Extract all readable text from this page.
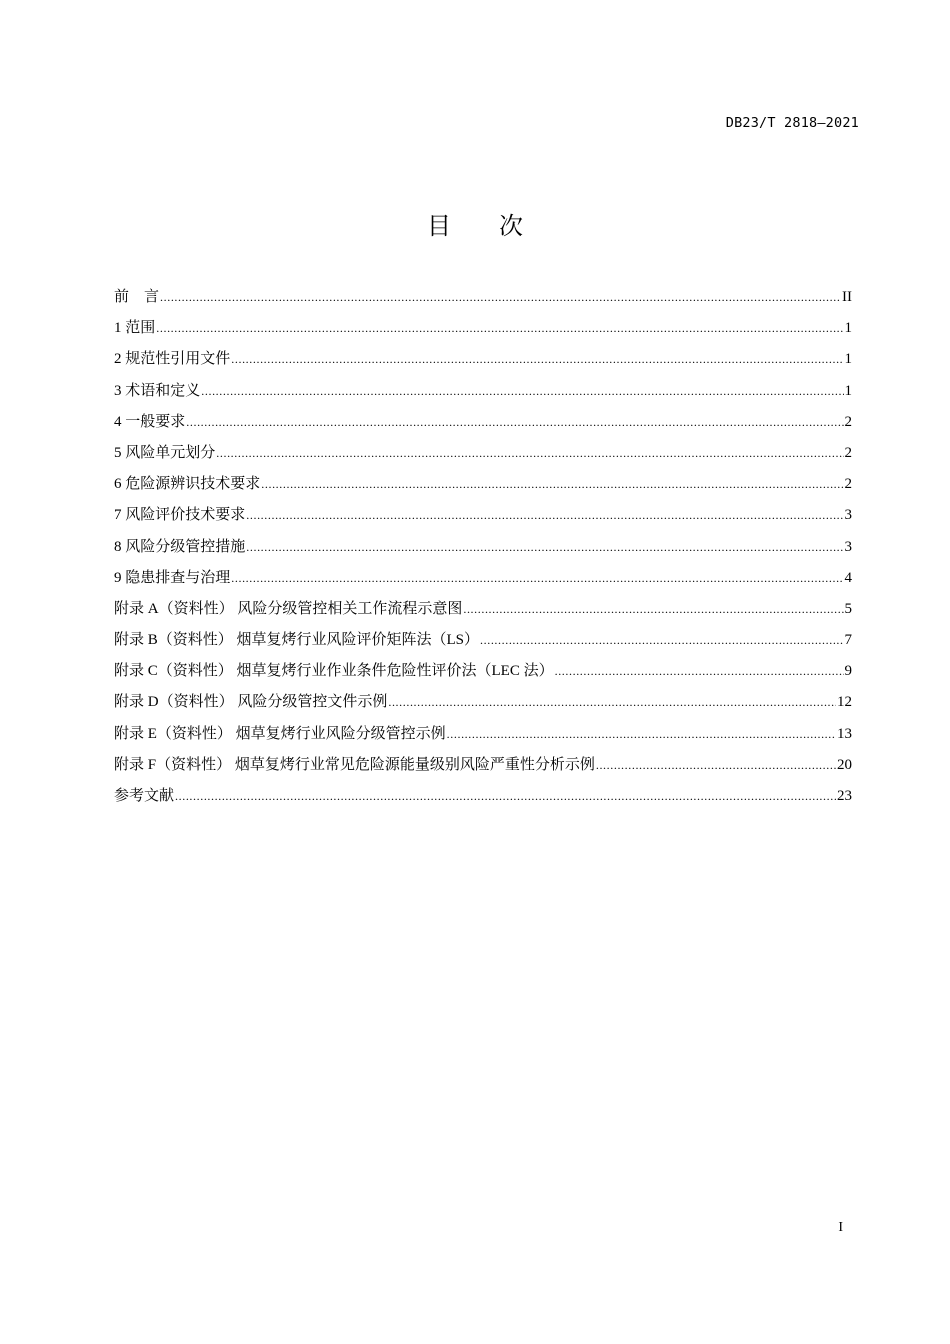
DB23/T 2818—2021
目 次
前　言 .....	II
1 范围 .....	1
2 规范性引用文件 .....	1
3 术语和定义 .....	1
4 一般要求 .....	2
5 风险单元划分 .....	2
6 危险源辨识技术要求 .....	2
7 风险评价技术要求 .....	3
8 风险分级管控措施 .....	3
9 隐患排查与治理 .....	4
附录 A（资料性） 风险分级管控相关工作流程示意图 .....	5
附录 B（资料性） 烟草复烤行业风险评价矩阵法（LS） .....	7
附录 C（资料性） 烟草复烤行业作业条件危险性评价法（LEC 法） .....	9
附录 D（资料性） 风险分级管控文件示例 .....	12
附录 E（资料性） 烟草复烤行业风险分级管控示例 .....	13
附录 F（资料性） 烟草复烤行业常见危险源能量级别风险严重性分析示例 .....	20
参考文献 .....	23
I
